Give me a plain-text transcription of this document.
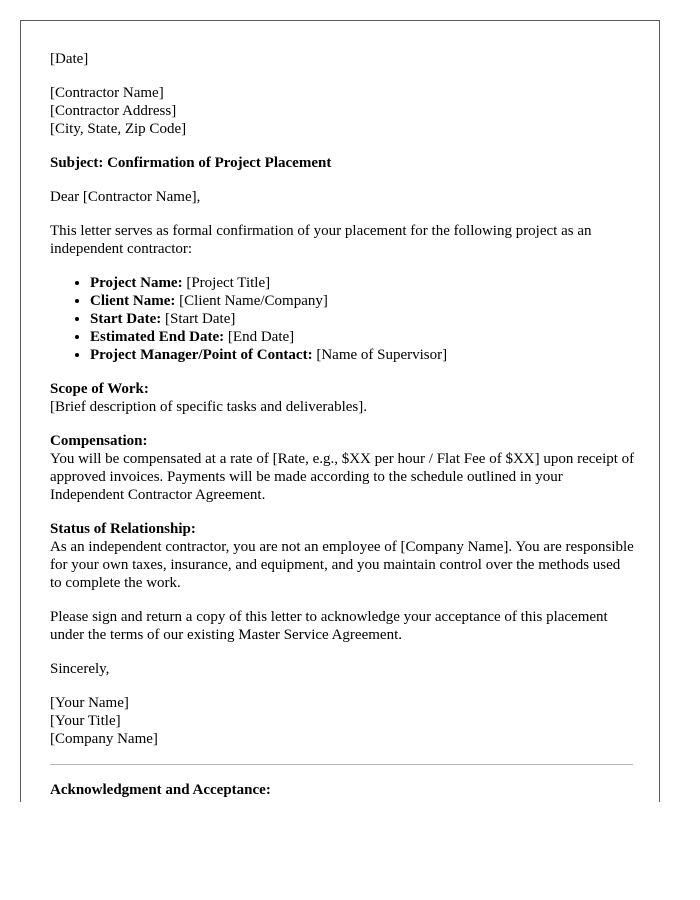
[Date]

[Contractor Name]
[Contractor Address]
[City, State, Zip Code]

Subject: Confirmation of Project Placement

Dear [Contractor Name],

This letter serves as formal confirmation of your placement for the following project as an independent contractor:

• Project Name: [Project Title]
• Client Name: [Client Name/Company]
• Start Date: [Start Date]
• Estimated End Date: [End Date]
• Project Manager/Point of Contact: [Name of Supervisor]

Scope of Work:
[Brief description of specific tasks and deliverables].

Compensation:
You will be compensated at a rate of [Rate, e.g., $XX per hour / Flat Fee of $XX] upon receipt of approved invoices. Payments will be made according to the schedule outlined in your Independent Contractor Agreement.

Status of Relationship:
As an independent contractor, you are not an employee of [Company Name]. You are responsible for your own taxes, insurance, and equipment, and you maintain control over the methods used to complete the work.

Please sign and return a copy of this letter to acknowledge your acceptance of this placement under the terms of our existing Master Service Agreement.

Sincerely,

[Your Name]
[Your Title]
[Company Name]

Acknowledgment and Acceptance:
